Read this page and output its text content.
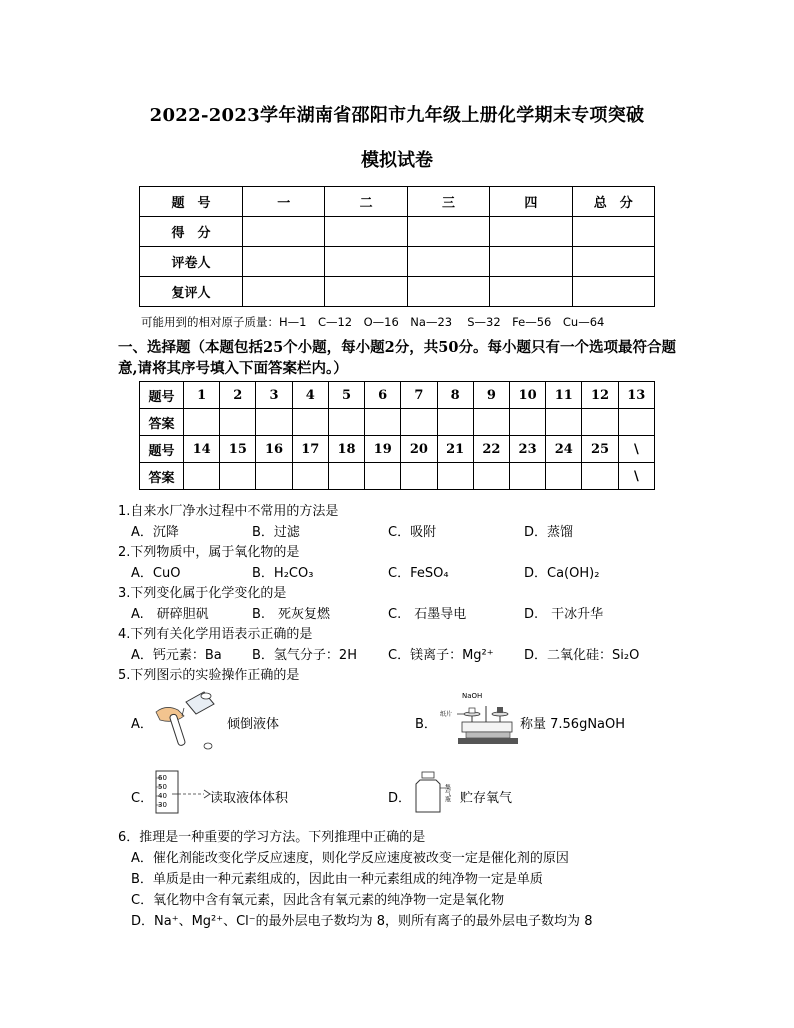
2022-2023学年湖南省邵阳市九年级上册化学期末专项突破
模拟试卷
题　号	一	二	三	四	总　分
得　分					
评卷人					
复评人					
可能用到的相对原子质量：H—1　C—12　O—16　Na—23　 S—32　Fe—56　Cu—64
一、选择题（本题包括25个小题，每小题2分，共50分。每小题只有一个选项最符合题意,请将其序号填入下面答案栏内。）
题号	1	2	3	4	5	6	7	8	9	10	11	12	13
答案													
题号	14	15	16	17	18	19	20	21	22	23	24	25	\
答案													\
1.自来水厂净水过程中不常用的方法是
A．沉降	B．过滤	C．吸附	D．蒸馏
2.下列物质中，属于氧化物的是
A．CuO	B．H₂CO₃	C．FeSO₄	D．Ca(OH)₂
3.下列变化属于化学变化的是
A.　研碎胆矾	B.　死灰复燃	C.　石墨导电	D.　干冰升华
4.下列有关化学用语表示正确的是
A．钙元素：Ba B．氢气分子：2H C．镁离子：Mg²⁺ D．二氧化硅：Si₂O
5.下列图示的实验操作正确的是
A．	倾倒液体	B．
NaOH
纸片
称量 7.56gNaOH
C．
60
50
40
30	读取液体体积	D．	集气瓶 贮存氧气
6．推理是一种重要的学习方法。下列推理中正确的是
A．催化剂能改变化学反应速度，则化学反应速度被改变一定是催化剂的原因
B．单质是由一种元素组成的，因此由一种元素组成的纯净物一定是单质
C．氧化物中含有氧元素，因此含有氧元素的纯净物一定是氧化物
D．Na⁺、Mg²⁺、Cl⁻的最外层电子数均为 8，则所有离子的最外层电子数均为 8
